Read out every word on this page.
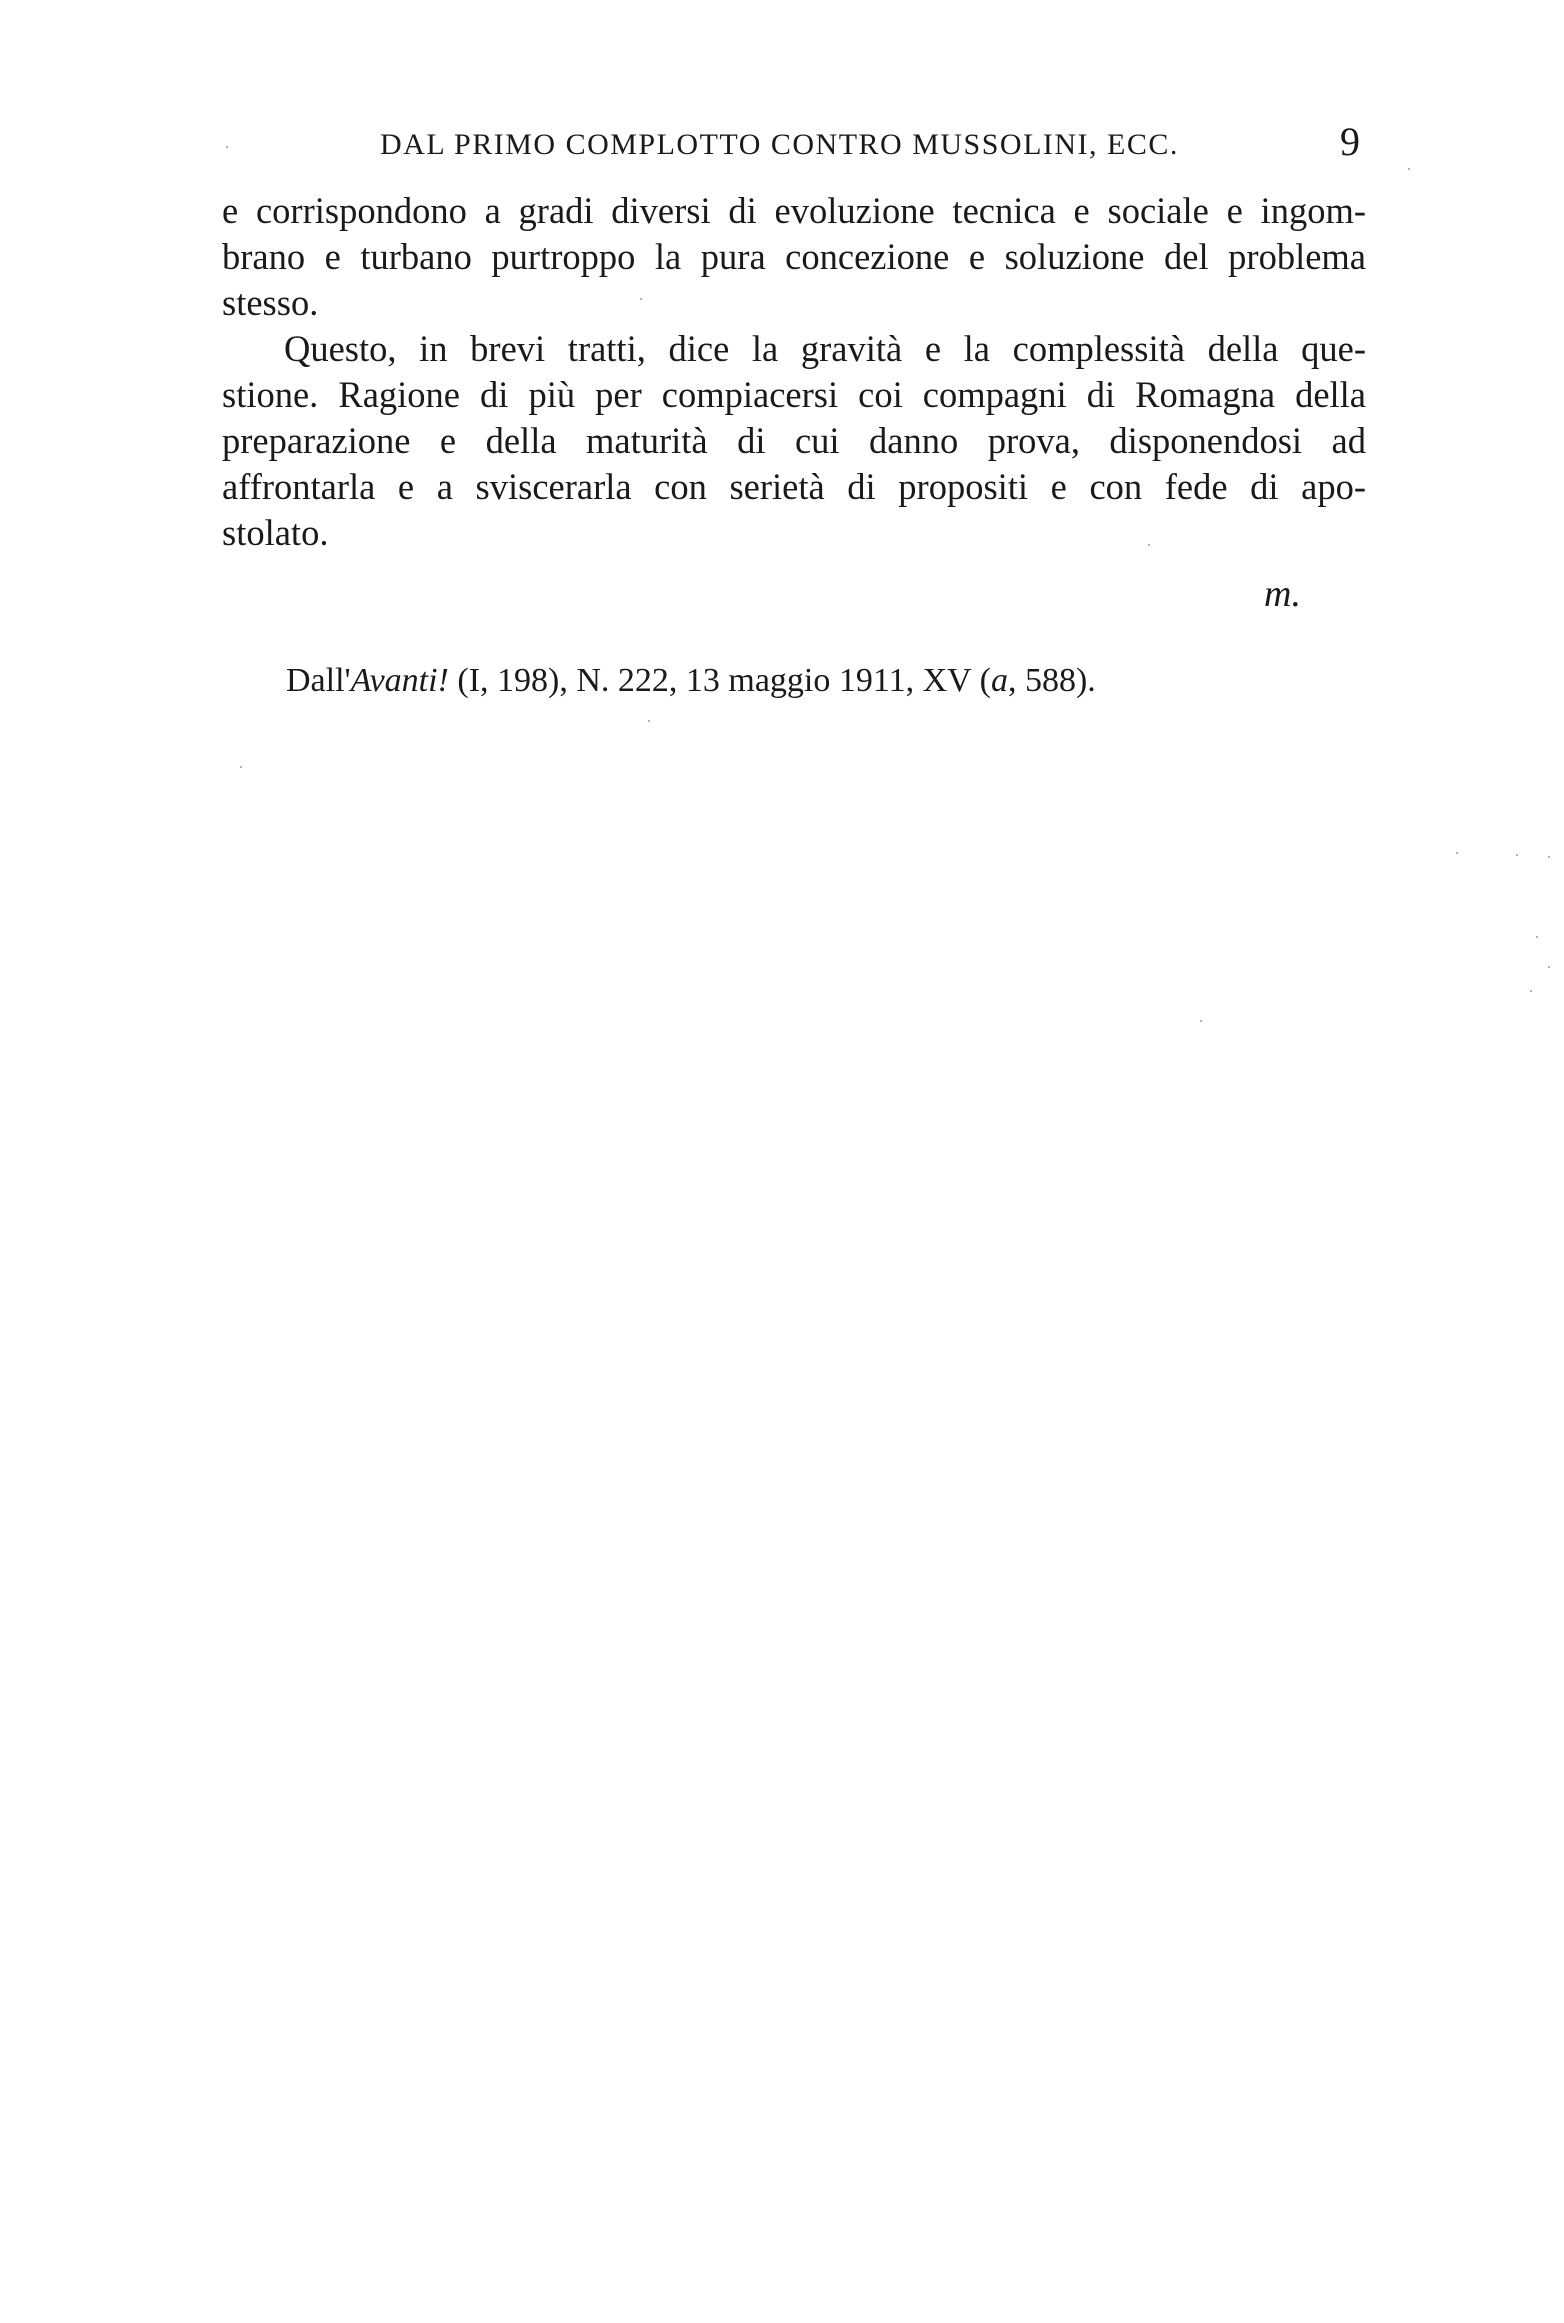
DAL PRIMO COMPLOTTO CONTRO MUSSOLINI, ECC.	9
e corrispondono a gradi diversi di evoluzione tecnica e sociale e ingom-
brano e turbano purtroppo la pura concezione e soluzione del problema
stesso.
Questo, in brevi tratti, dice la gravità e la complessità della que-
stione. Ragione di più per compiacersi coi compagni di Romagna della
preparazione e della maturità di cui danno prova, disponendosi ad
affrontarla e a sviscerarla con serietà di propositi e con fede di apo-
stolato.
m.
Dall'Avanti! (I, 198), N. 222, 13 maggio 1911, XV (a, 588).
